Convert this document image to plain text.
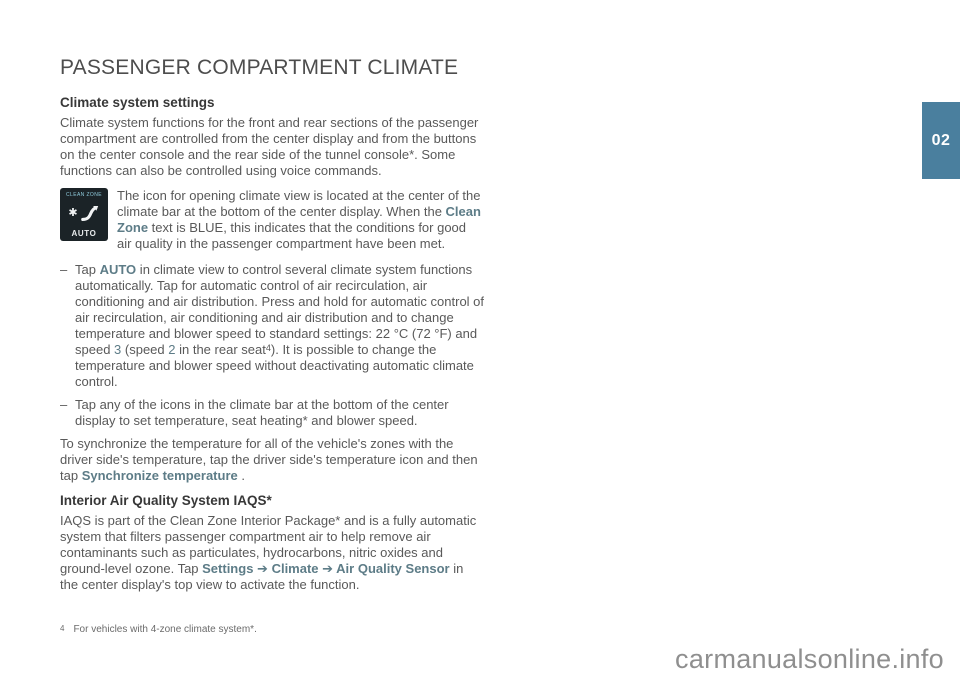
PASSENGER COMPARTMENT CLIMATE
Climate system settings

Climate system functions for the front and rear sections of the passenger compartment are controlled from the center display and from the buttons on the center console and the rear side of the tunnel console*. Some functions can also be controlled using voice commands.

CLEAN ZONE
✱
AUTO

The icon for opening climate view is located at the center of the climate bar at the bottom of the center display. When the Clean Zone text is BLUE, this indicates that the conditions for good air quality in the passenger compartment have been met.

– Tap AUTO in climate view to control several climate system functions automatically. Tap for automatic control of air recirculation, air conditioning and air distribution. Press and hold for automatic control of air recirculation, air conditioning and air distribution and to change temperature and blower speed to standard settings: 22 °C (72 °F) and speed 3 (speed 2 in the rear seat$^4$). It is possible to change the temperature and blower speed without deactivating automatic climate control.
– Tap any of the icons in the climate bar at the bottom of the center display to set temperature, seat heating* and blower speed.

To synchronize the temperature for all of the vehicle's zones with the driver side's temperature, tap the driver side's temperature icon and then tap Synchronize temperature .

Interior Air Quality System IAQS*

IAQS is part of the Clean Zone Interior Package* and is a fully automatic system that filters passenger compartment air to help remove air contaminants such as particulates, hydrocarbons, nitric oxides and ground-level ozone. Tap Settings ➔ Climate ➔ Air Quality Sensor in the center display's top view to activate the function.

02
$^4$ For vehicles with 4-zone climate system*.
carmanualsonline.info
